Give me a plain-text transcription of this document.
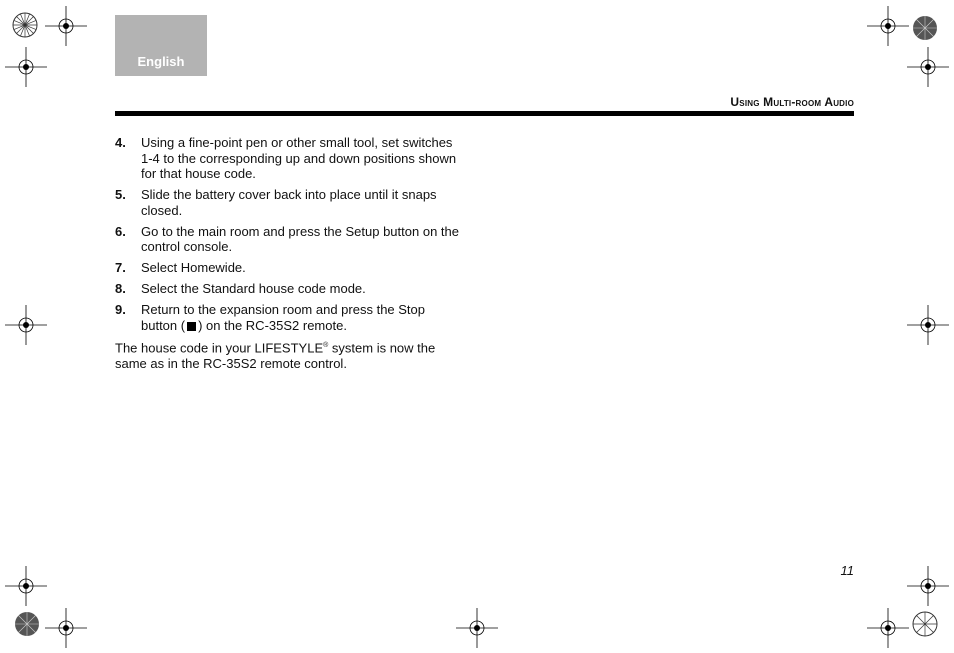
English
Using Multi-room Audio
4. Using a fine-point pen or other small tool, set switches 1-4 to the corresponding up and down positions shown for that house code.
5. Slide the battery cover back into place until it snaps closed.
6. Go to the main room and press the Setup button on the control console.
7. Select Homewide.
8. Select the Standard house code mode.
9. Return to the expansion room and press the Stop button ( ) on the RC-35S2 remote.
The house code in your LIFESTYLE® system is now the same as in the RC-35S2 remote control.
11
